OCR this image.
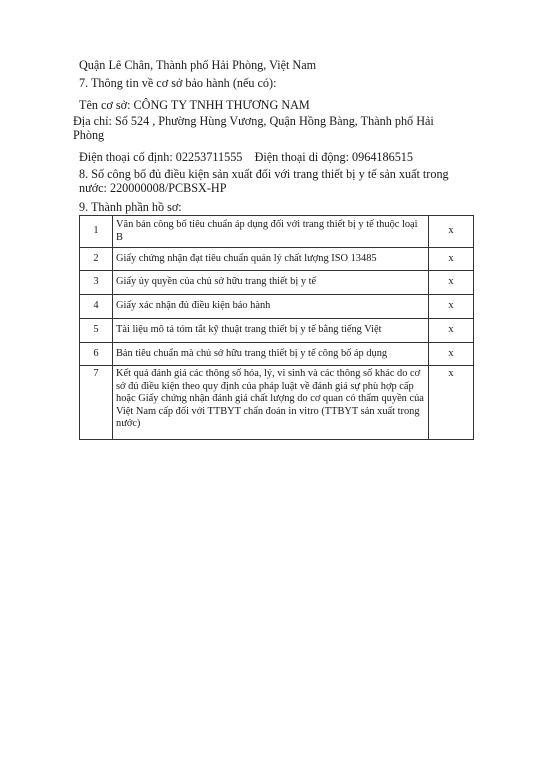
Quận Lê Chân, Thành phố Hải Phòng, Việt Nam
7. Thông tin về cơ sở bảo hành (nếu có):
Tên cơ sở: CÔNG TY TNHH THƯƠNG NAM
Địa chỉ: Số 524 , Phường Hùng Vương, Quận Hồng Bàng, Thành phố Hải Phòng
Điện thoại cố định: 02253711555    Điện thoại di động: 0964186515
8. Số công bố đủ điều kiện sản xuất đối với trang thiết bị y tế sản xuất trong nước: 220000008/PCBSX-HP
9. Thành phần hồ sơ:
1	Văn bản công bố tiêu chuẩn áp dụng đối với trang thiết bị y tế thuộc loại B	x
2	Giấy chứng nhận đạt tiêu chuẩn quản lý chất lượng ISO 13485	x
3	Giấy ủy quyền của chủ sở hữu trang thiết bị y tế	x
4	Giấy xác nhận đủ điều kiện bảo hành	x
5	Tài liệu mô tả tóm tắt kỹ thuật trang thiết bị y tế bằng tiếng Việt	x
6	Bản tiêu chuẩn mà chủ sở hữu trang thiết bị y tế công bố áp dụng	x
7	Kết quả đánh giá các thông số hóa, lý, vi sinh và các thông số khác do cơ sở đủ điều kiện theo quy định của pháp luật về đánh giá sự phù hợp cấp hoặc Giấy chứng nhận đánh giá chất lượng do cơ quan có thẩm quyền của Việt Nam cấp đối với TTBYT chẩn đoán in vitro (TTBYT sản xuất trong nước)	x
